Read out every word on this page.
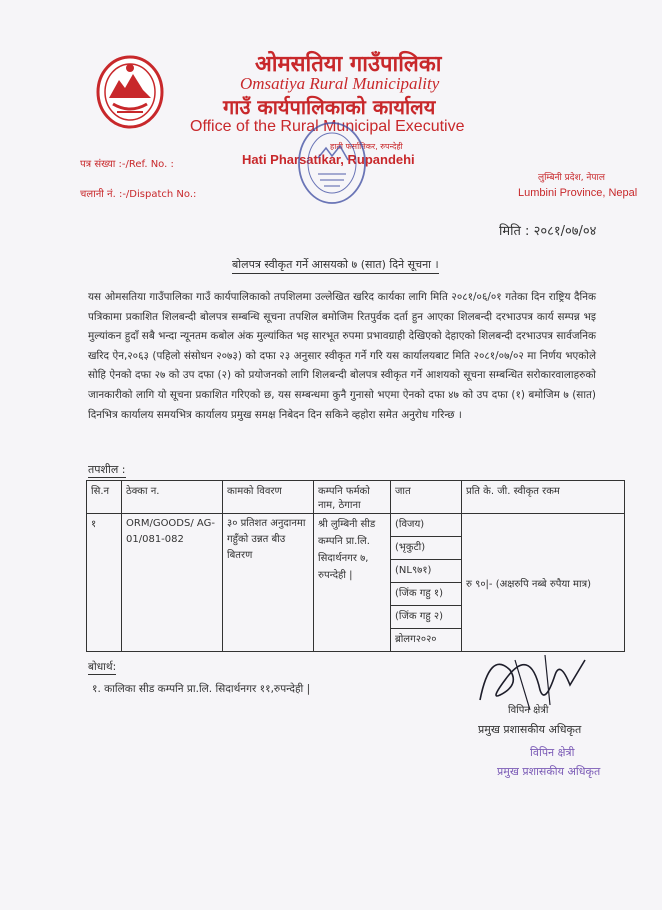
ओमसतिया गाउँपालिका
Omsatiya Rural Municipality
गाउँ कार्यपालिकाको कार्यालय
Office of the Rural Municipal Executive
हाती फर्सातिकर, रुपन्देही
Hati Pharsatikar, Rupandehi
पत्र संख्या :-/Ref. No. :
चलानी नं. :-/Dispatch No.:
लुम्बिनी प्रदेश, नेपाल
Lumbini Province, Nepal
मिति : २०८१/०७/०४
बोलपत्र स्वीकृत गर्ने आसयको ७ (सात) दिने सूचना ।
यस ओमसतिया गाउँपालिका गाउँ कार्यपालिकाको तपशिलमा उल्लेखित खरिद कार्यका लागि मिति २०८१/०६/०१ गतेका दिन राष्ट्रिय दैनिक पत्रिकामा प्रकाशित शिलबन्दी बोलपत्र सम्बन्धि सूचना तपशिल बमोजिम रितपुर्वक दर्ता हुन आएका शिलबन्दी दरभाउपत्र कार्य सम्पन्न भइ मुल्यांकन हुदाँ सबै भन्दा न्यूनतम कबोल अंक मुल्यांकित भइ सारभूत रुपमा प्रभावग्राही देखिएको देहाएको शिलबन्दी दरभाउपत्र सार्वजनिक खरिद ऐन,२०६३ (पहिलो संसोधन २०७३) को दफा २३ अनुसार स्वीकृत गर्ने गरि यस कार्यालयबाट मिति २०८१/०७/०२ मा निर्णय भएकोले सोहि ऐनको दफा २७ को उप दफा (२) को प्रयोजनको लागि शिलबन्दी बोलपत्र स्वीकृत गर्ने आशयको सूचना सम्बन्धित सरोकारवालाहरुको जानकारीको लागि यो सूचना प्रकाशित गरिएको छ, यस सम्बन्धमा कुनै गुनासो भएमा ऐनको दफा ४७ को उप दफा (१) बमोजिम ७ (सात) दिनभित्र कार्यालय समयभित्र कार्यालय प्रमुख समक्ष निबेदन दिन सकिने व्हहोरा समेत अनुरोध गरिन्छ ।
तपशील :
सि.न	ठेक्का न.	कामको विवरण	कम्पनि फर्मको नाम, ठेगाना	जात	प्रति के. जी. स्वीकृत रकम
१	ORM/GOODS/ AG-01/081-082	३० प्रतिशत अनुदानमा गहुँको उन्नत बीउ बितरण	श्री लुम्बिनी सीड कम्पनि प्रा.लि. सिदार्थनगर ७, रुपन्देही |	(विजय)	रु ९०|- (अक्षरुपि नब्बे रुपैया मात्र)
				(भृकुटी)	
				(NL९७१)	
				(जिंक गहु १)	
				(जिंक गहु २)	
				ब्रोलग२०२०	
बोधार्थ:
१. कालिका सीड कम्पनि प्रा.लि. सिदार्थनगर ११,रुपन्देही |
विपिन क्षेत्री
प्रमुख प्रशासकीय अधिकृत
विपिन क्षेत्री
प्रमुख प्रशासकीय अधिकृत
